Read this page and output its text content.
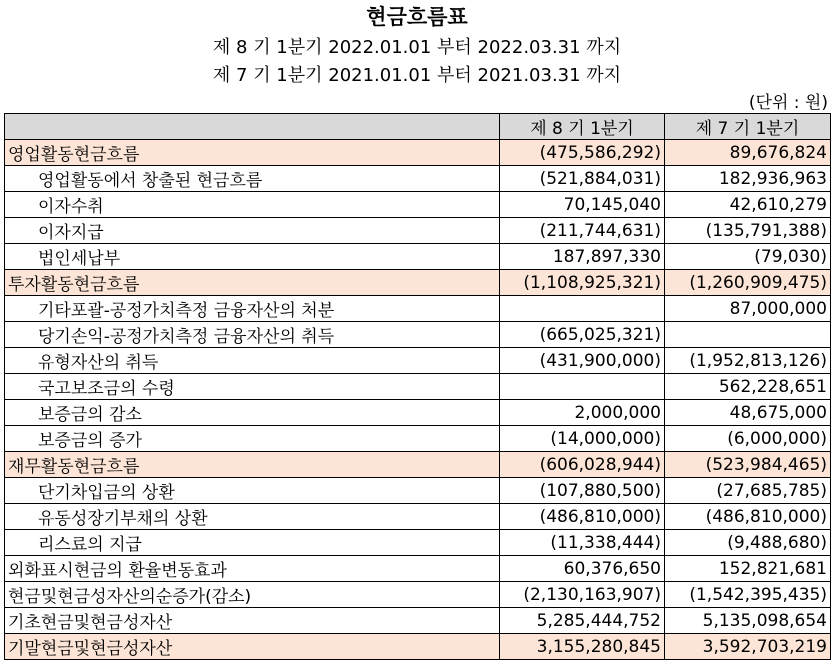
현금흐름표
제 8 기 1분기 2022.01.01 부터 2022.03.31 까지
제 7 기 1분기 2021.01.01 부터 2021.03.31 까지
(단위 : 원)
	제 8 기 1분기	제 7 기 1분기
영업활동현금흐름	(475,586,292)	89,676,824
영업활동에서 창출된 현금흐름	(521,884,031)	182,936,963
이자수취	70,145,040	42,610,279
이자지급	(211,744,631)	(135,791,388)
법인세납부	187,897,330	(79,030)
투자활동현금흐름	(1,108,925,321)	(1,260,909,475)
기타포괄-공정가치측정 금융자산의 처분		87,000,000
당기손익-공정가치측정 금융자산의 취득	(665,025,321)	
유형자산의 취득	(431,900,000)	(1,952,813,126)
국고보조금의 수령		562,228,651
보증금의 감소	2,000,000	48,675,000
보증금의 증가	(14,000,000)	(6,000,000)
재무활동현금흐름	(606,028,944)	(523,984,465)
단기차입금의 상환	(107,880,500)	(27,685,785)
유동성장기부채의 상환	(486,810,000)	(486,810,000)
리스료의 지급	(11,338,444)	(9,488,680)
외화표시현금의 환율변동효과	60,376,650	152,821,681
현금및현금성자산의순증가(감소)	(2,130,163,907)	(1,542,395,435)
기초현금및현금성자산	5,285,444,752	5,135,098,654
기말현금및현금성자산	3,155,280,845	3,592,703,219
